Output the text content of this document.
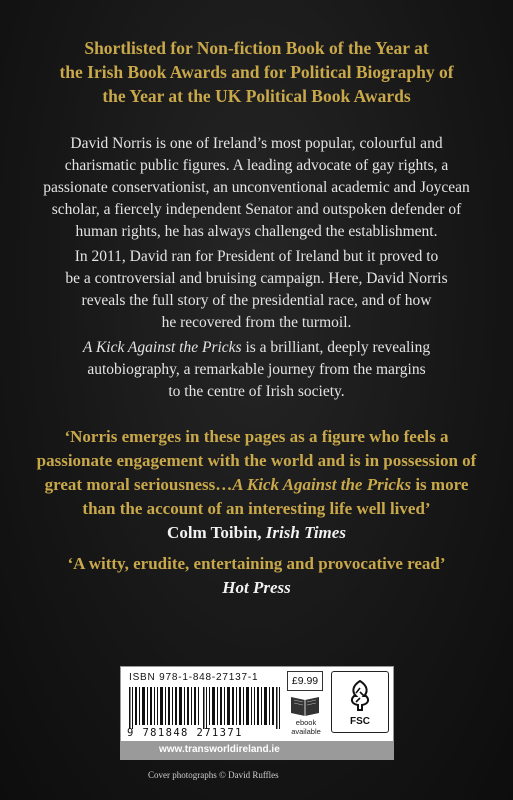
Shortlisted for Non-fiction Book of the Year at
the Irish Book Awards and for Political Biography of
the Year at the UK Political Book Awards

David Norris is one of Ireland’s most popular, colourful and
charismatic public figures. A leading advocate of gay rights, a
passionate conservationist, an unconventional academic and Joycean
scholar, a fiercely independent Senator and outspoken defender of
human rights, he has always challenged the establishment.

In 2011, David ran for President of Ireland but it proved to
be a controversial and bruising campaign. Here, David Norris
reveals the full story of the presidential race, and of how
he recovered from the turmoil.

A Kick Against the Pricks is a brilliant, deeply revealing
autobiography, a remarkable journey from the margins
to the centre of Irish society.

‘Norris emerges in these pages as a figure who feels a
passionate engagement with the world and is in possession of
great moral seriousness…A Kick Against the Pricks is more
than the account of an interesting life well lived’

Colm Toibin, Irish Times

‘A witty, erudite, entertaining and provocative read’

Hot Press

ISBN 978-1-848-27137-1
9 781848 271371
£9.99
ebook
available
FSC
www.transworldireland.ie
Cover photographs © David Ruffles
